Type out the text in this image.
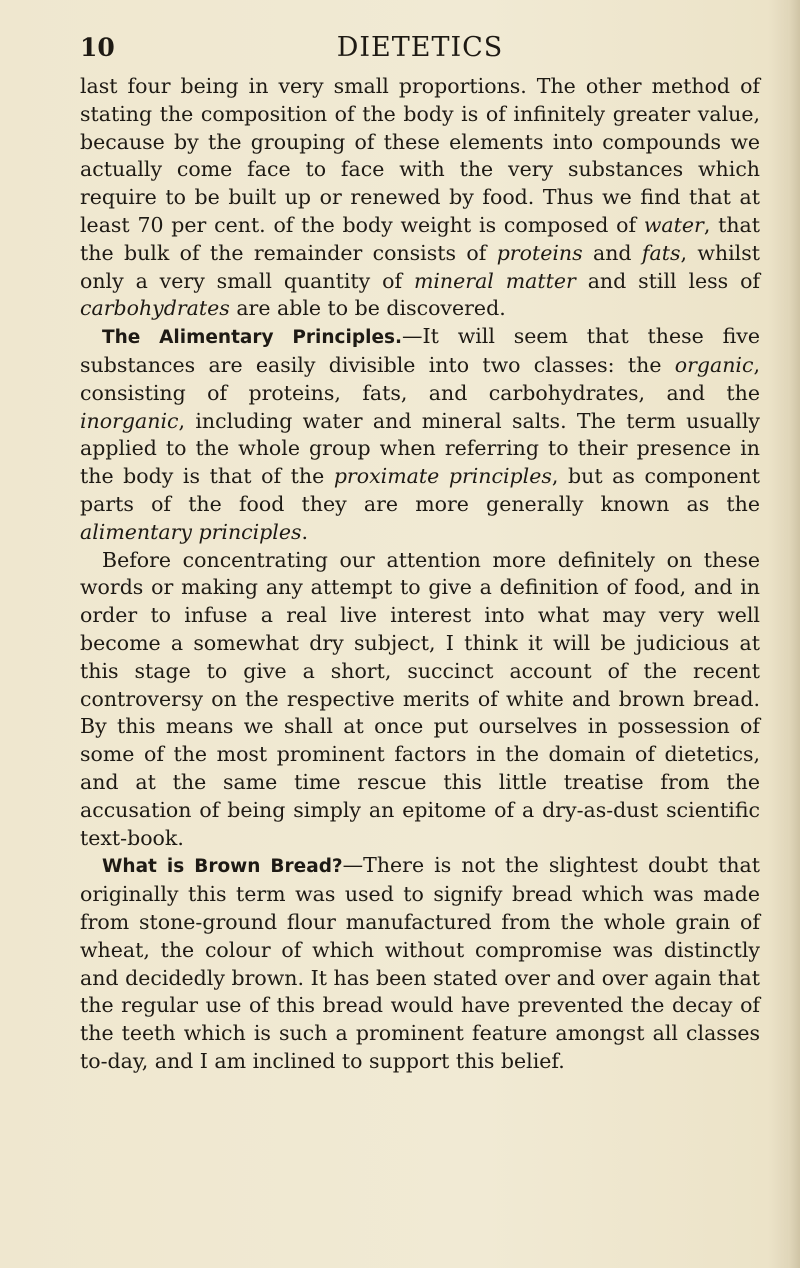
10	DIETETICS

last four being in very small proportions. The other method of stating the composition of the body is of infinitely greater value, because by the grouping of these elements into compounds we actually come face to face with the very substances which require to be built up or renewed by food. Thus we find that at least 70 per cent. of the body weight is composed of water, that the bulk of the remainder consists of proteins and fats, whilst only a very small quantity of mineral matter and still less of carbohydrates are able to be discovered.

The Alimentary Principles.—It will seem that these five substances are easily divisible into two classes: the organic, consisting of proteins, fats, and carbohydrates, and the inorganic, including water and mineral salts. The term usually applied to the whole group when referring to their presence in the body is that of the proximate principles, but as component parts of the food they are more generally known as the alimentary principles.

Before concentrating our attention more definitely on these words or making any attempt to give a definition of food, and in order to infuse a real live interest into what may very well become a somewhat dry subject, I think it will be judicious at this stage to give a short, succinct account of the recent controversy on the respective merits of white and brown bread. By this means we shall at once put ourselves in possession of some of the most prominent factors in the domain of dietetics, and at the same time rescue this little treatise from the accusation of being simply an epitome of a dry-as-dust scientific text-book.

What is Brown Bread?—There is not the slightest doubt that originally this term was used to signify bread which was made from stone-ground flour manufactured from the whole grain of wheat, the colour of which without compromise was distinctly and decidedly brown. It has been stated over and over again that the regular use of this bread would have prevented the decay of the teeth which is such a prominent feature amongst all classes to-day, and I am inclined to support this belief.
